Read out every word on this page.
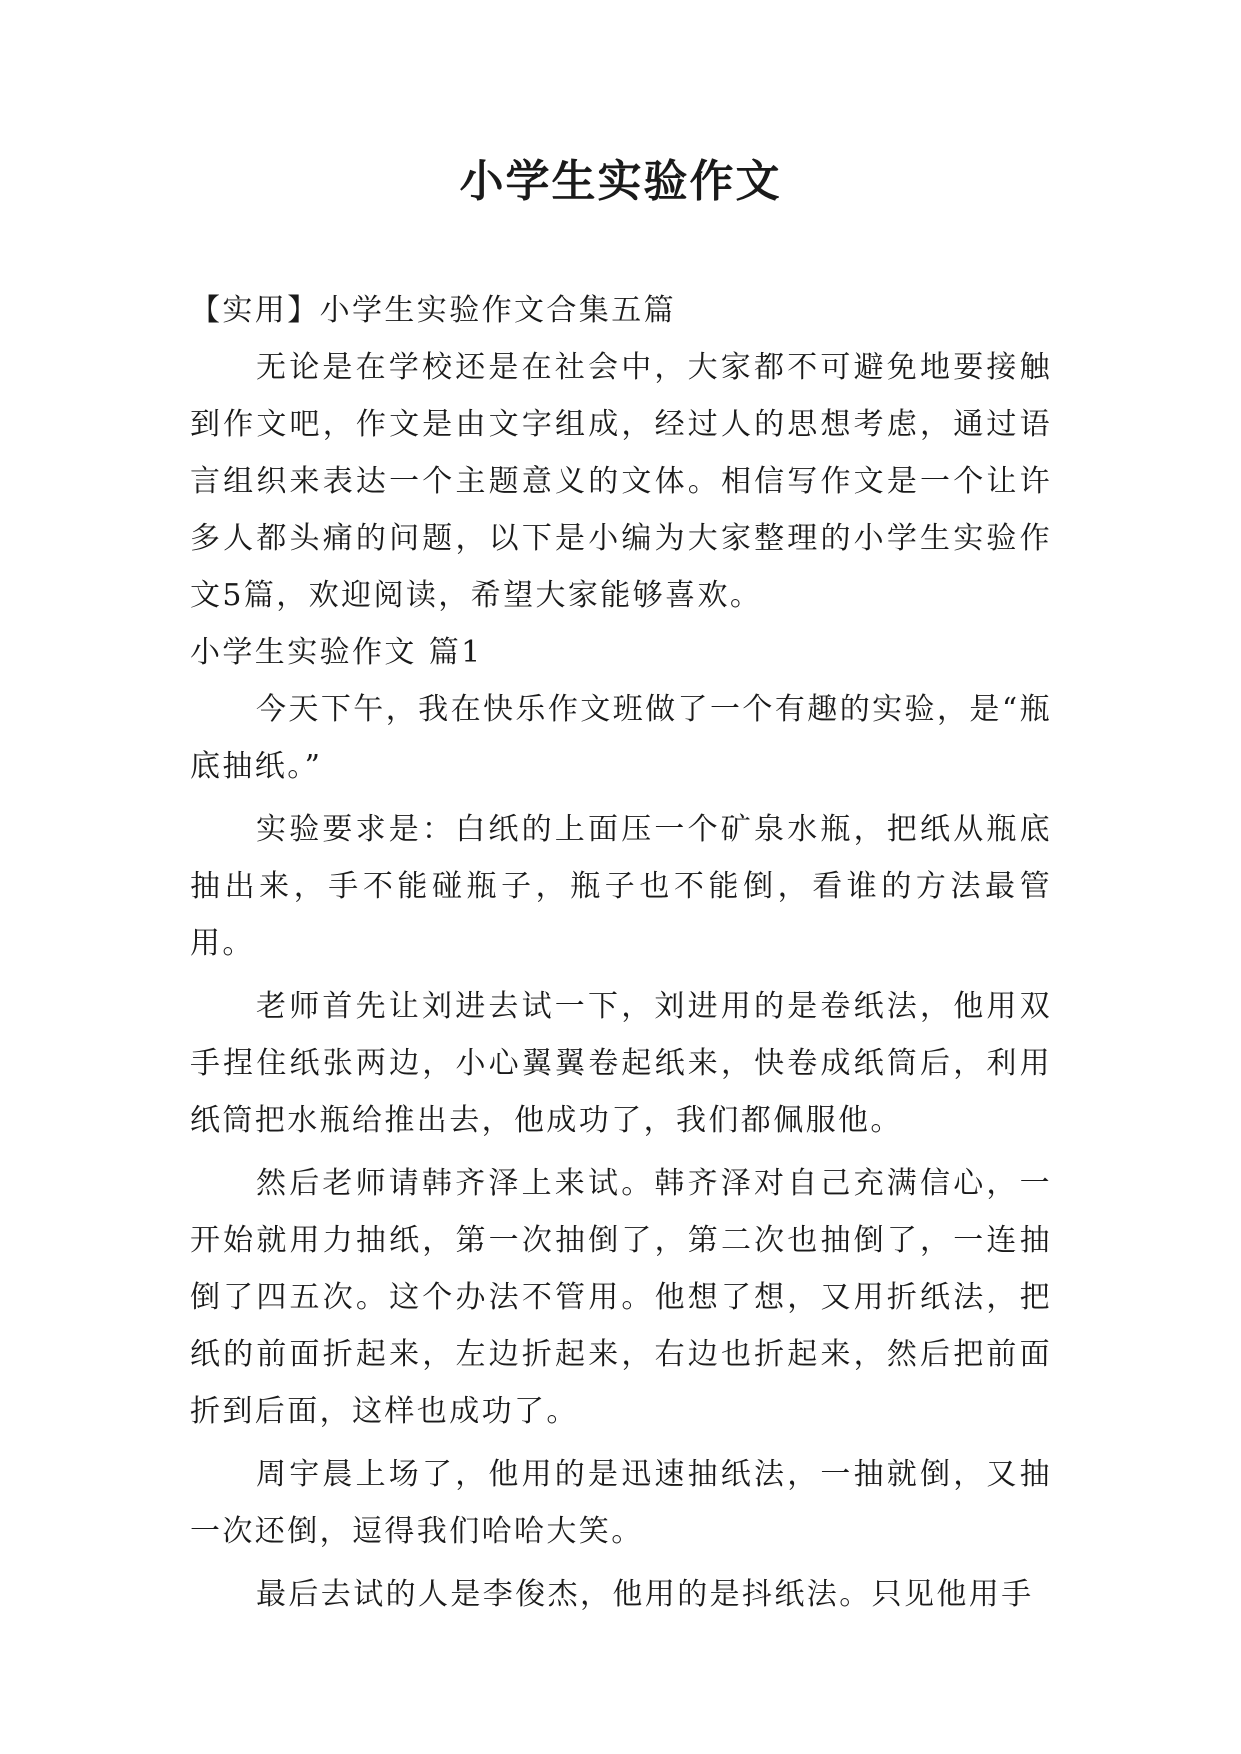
小学生实验作文

【实用】小学生实验作文合集五篇

无论是在学校还是在社会中，大家都不可避免地要接触到作文吧，作文是由文字组成，经过人的思想考虑，通过语言组织来表达一个主题意义的文体。相信写作文是一个让许多人都头痛的问题，以下是小编为大家整理的小学生实验作文5篇，欢迎阅读，希望大家能够喜欢。

小学生实验作文 篇1

今天下午，我在快乐作文班做了一个有趣的实验，是“瓶底抽纸。”

实验要求是：白纸的上面压一个矿泉水瓶，把纸从瓶底抽出来，手不能碰瓶子，瓶子也不能倒，看谁的方法最管用。

老师首先让刘进去试一下，刘进用的是卷纸法，他用双手捏住纸张两边，小心翼翼卷起纸来，快卷成纸筒后，利用纸筒把水瓶给推出去，他成功了，我们都佩服他。

然后老师请韩齐泽上来试。韩齐泽对自己充满信心，一开始就用力抽纸，第一次抽倒了，第二次也抽倒了，一连抽倒了四五次。这个办法不管用。他想了想，又用折纸法，把纸的前面折起来，左边折起来，右边也折起来，然后把前面折到后面，这样也成功了。

周宇晨上场了，他用的是迅速抽纸法，一抽就倒，又抽一次还倒，逗得我们哈哈大笑。

最后去试的人是李俊杰，他用的是抖纸法。只见他用手
